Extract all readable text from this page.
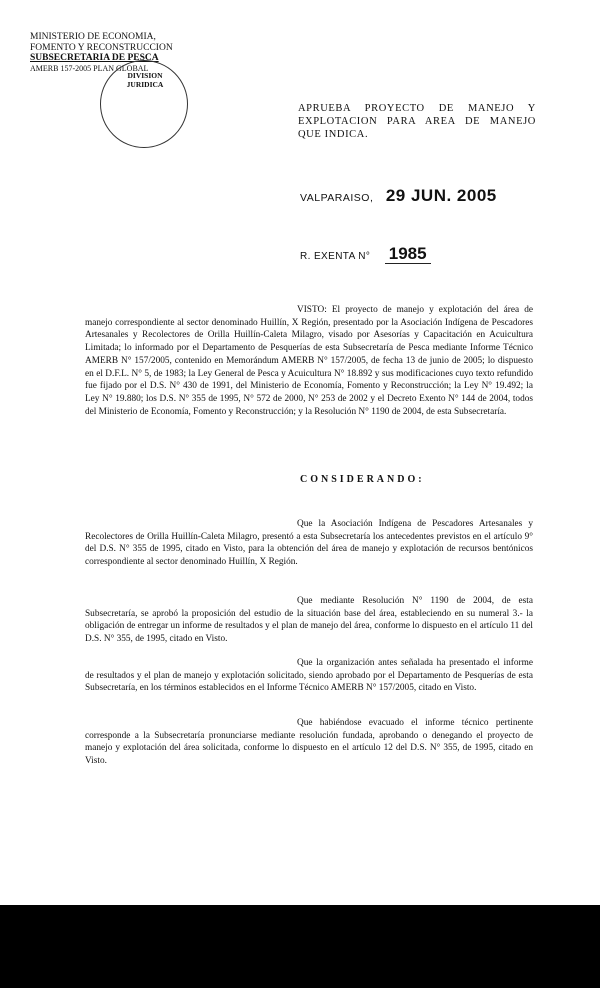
MINISTERIO DE ECONOMIA,
FOMENTO Y RECONSTRUCCION
SUBSECRETARIA DE PESCA
AMERB 157-2005 PLAN GLOBAL
DIVISION
JURIDICA
APRUEBA PROYECTO DE MANEJO Y EXPLOTACION PARA AREA DE MANEJO QUE INDICA.
VALPARAISO, 29 JUN. 2005
R. EXENTA N° 1985
VISTO: El proyecto de manejo y explotación del área de manejo correspondiente al sector denominado Huillín, X Región, presentado por la Asociación Indígena de Pescadores Artesanales y Recolectores de Orilla Huillín-Caleta Milagro, visado por Asesorías y Capacitación en Acuicultura Limitada; lo informado por el Departamento de Pesquerías de esta Subsecretaría de Pesca mediante Informe Técnico AMERB N° 157/2005, contenido en Memorándum AMERB N° 157/2005, de fecha 13 de junio de 2005; lo dispuesto en el D.F.L. N° 5, de 1983; la Ley General de Pesca y Acuicultura N° 18.892 y sus modificaciones cuyo texto refundido fue fijado por el D.S. N° 430 de 1991, del Ministerio de Economía, Fomento y Reconstrucción; la Ley N° 19.492; la Ley N° 19.880; los D.S. N° 355 de 1995, N° 572 de 2000, N° 253 de 2002 y el Decreto Exento N° 144 de 2004, todos del Ministerio de Economía, Fomento y Reconstrucción; y la Resolución N° 1190 de 2004, de esta Subsecretaría.
CONSIDERANDO:
Que la Asociación Indígena de Pescadores Artesanales y Recolectores de Orilla Huillín-Caleta Milagro, presentó a esta Subsecretaría los antecedentes previstos en el artículo 9° del D.S. N° 355 de 1995, citado en Visto, para la obtención del área de manejo y explotación de recursos bentónicos correspondiente al sector denominado Huillín, X Región.
Que mediante Resolución N° 1190 de 2004, de esta Subsecretaría, se aprobó la proposición del estudio de la situación base del área, estableciendo en su numeral 3.- la obligación de entregar un informe de resultados y el plan de manejo del área, conforme lo dispuesto en el artículo 11 del D.S. N° 355, de 1995, citado en Visto.
Que la organización antes señalada ha presentado el informe de resultados y el plan de manejo y explotación solicitado, siendo aprobado por el Departamento de Pesquerías de esta Subsecretaría, en los términos establecidos en el Informe Técnico AMERB N° 157/2005, citado en Visto.
Que habiéndose evacuado el informe técnico pertinente corresponde a la Subsecretaría pronunciarse mediante resolución fundada, aprobando o denegando el proyecto de manejo y explotación del área solicitada, conforme lo dispuesto en el artículo 12 del D.S. N° 355, de 1995, citado en Visto.
